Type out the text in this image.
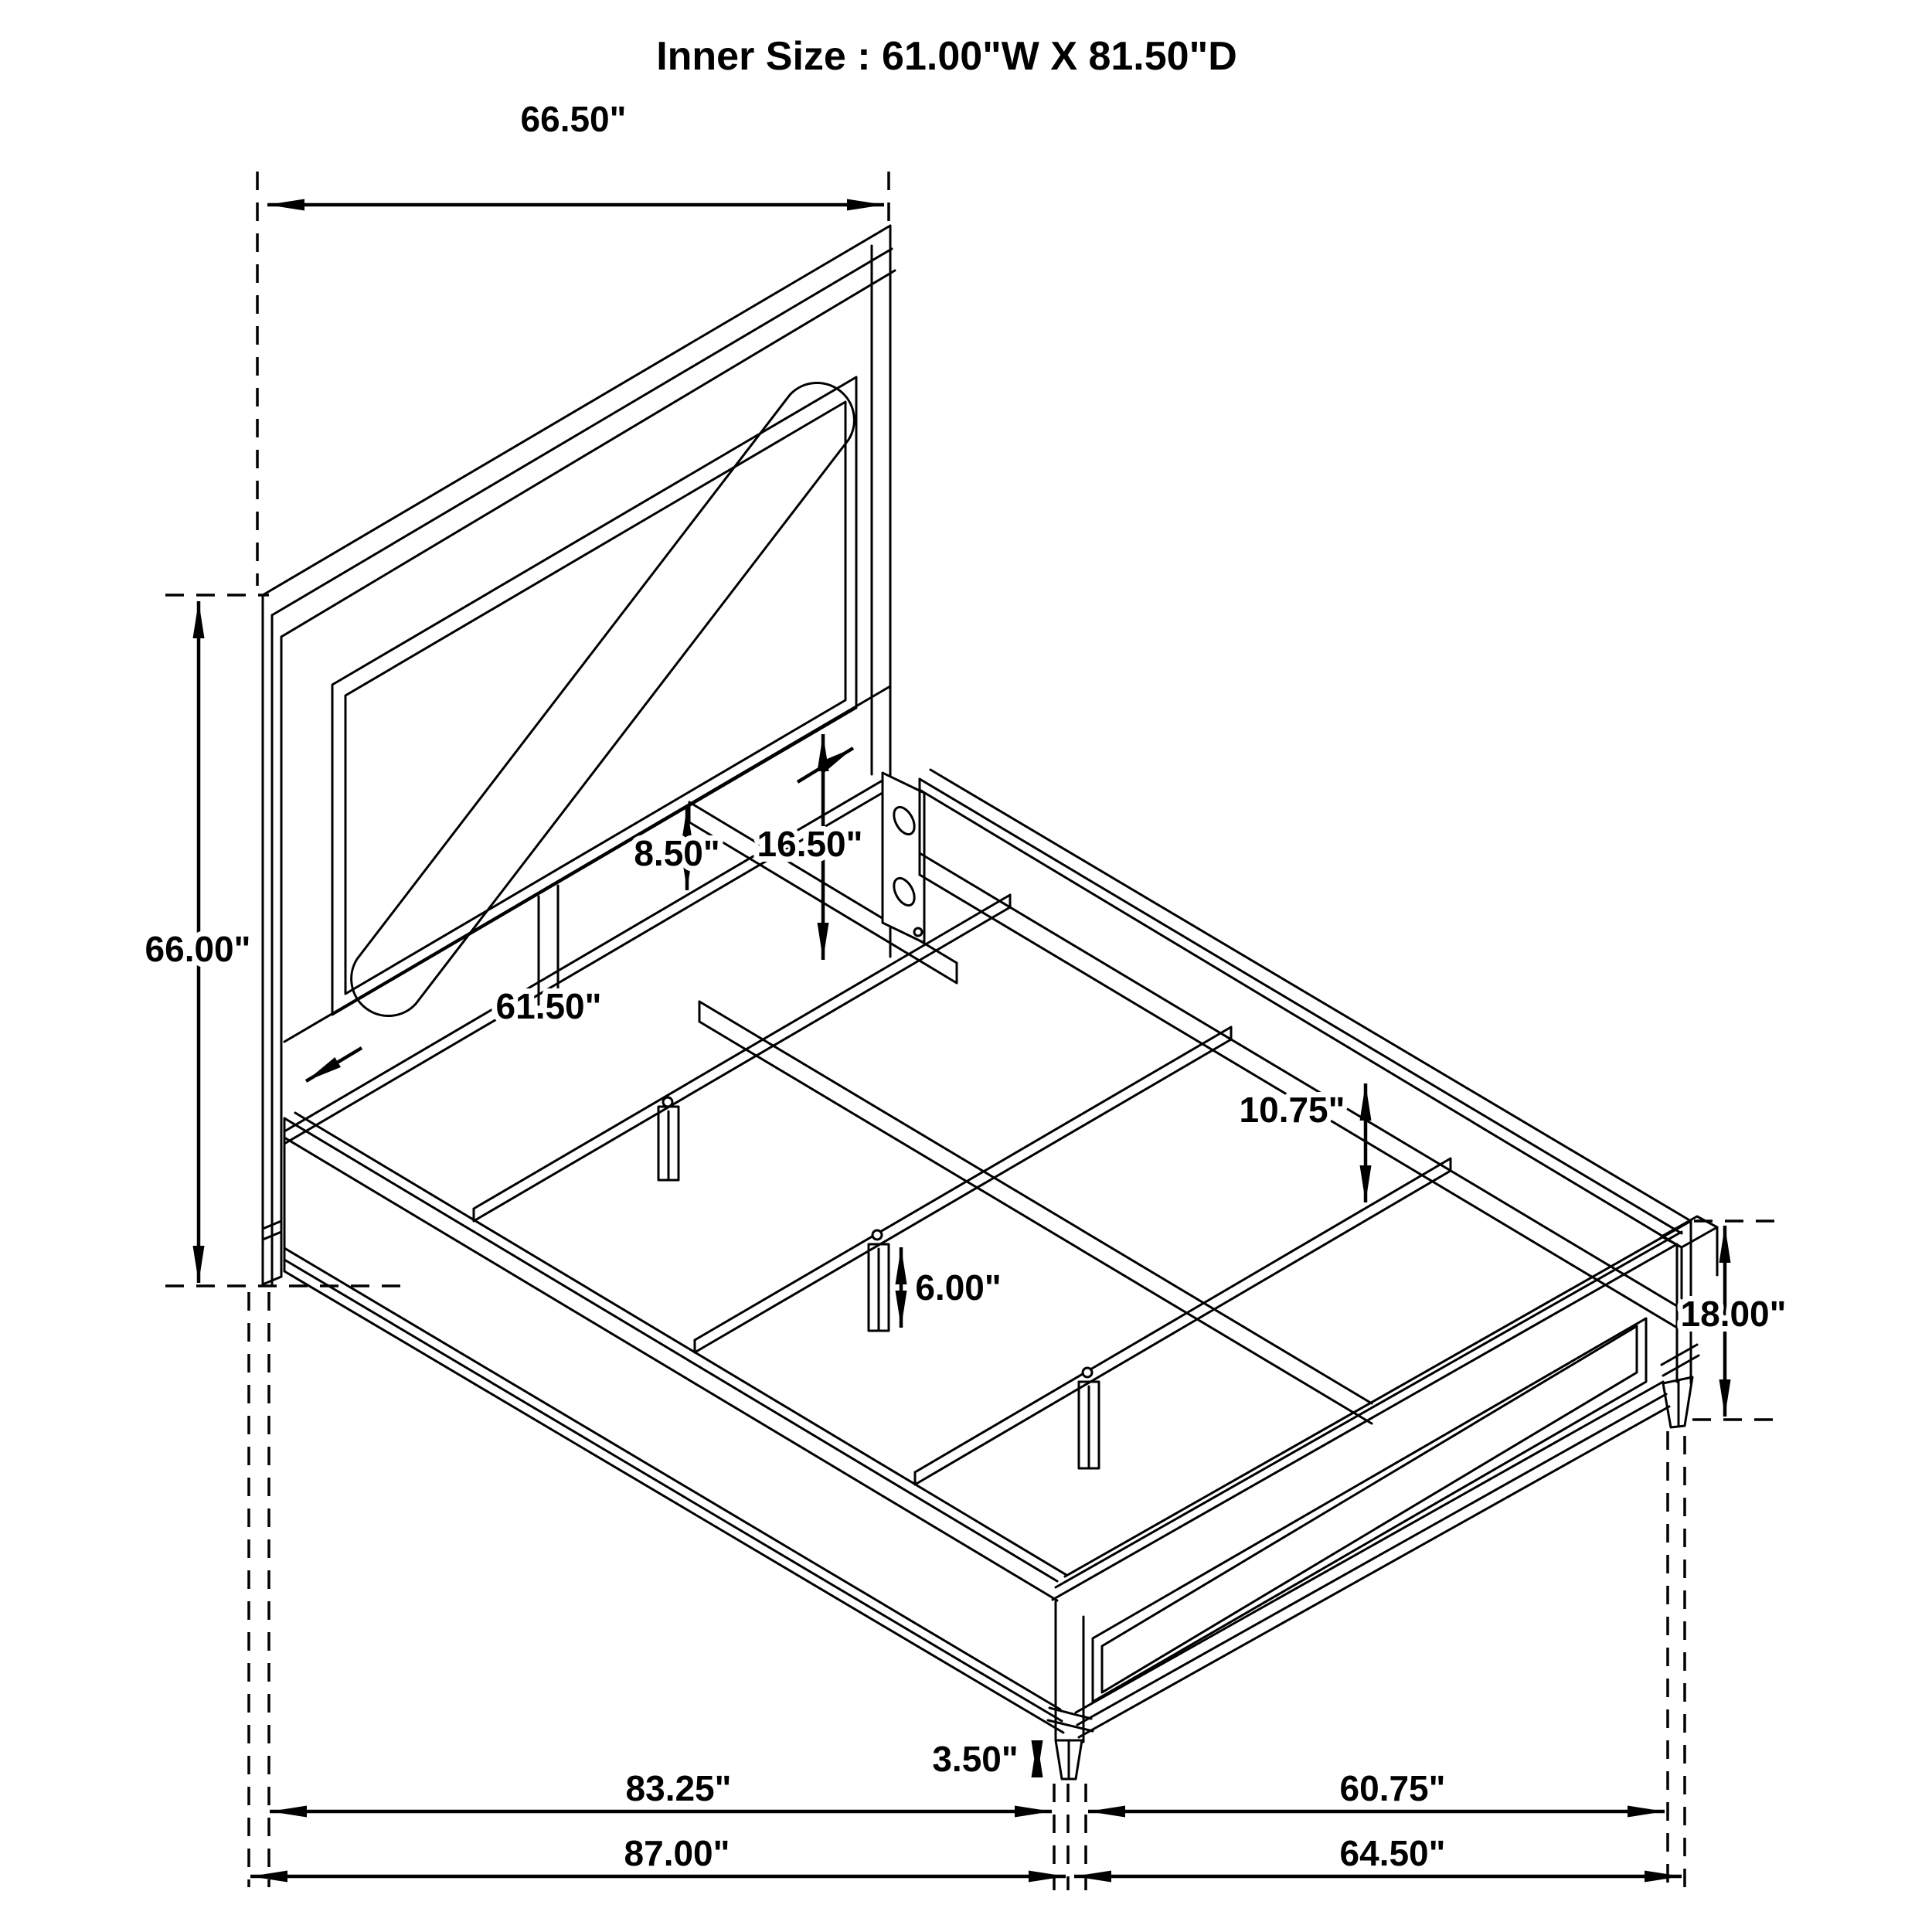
Inner Size : 61.00"W X 81.50"D
66.50"
66.00"
8.50" 16.50"
61.50"
10.75"
6.00"
18.00"
3.50"
83.25"	60.75"
87.00"	64.50"
